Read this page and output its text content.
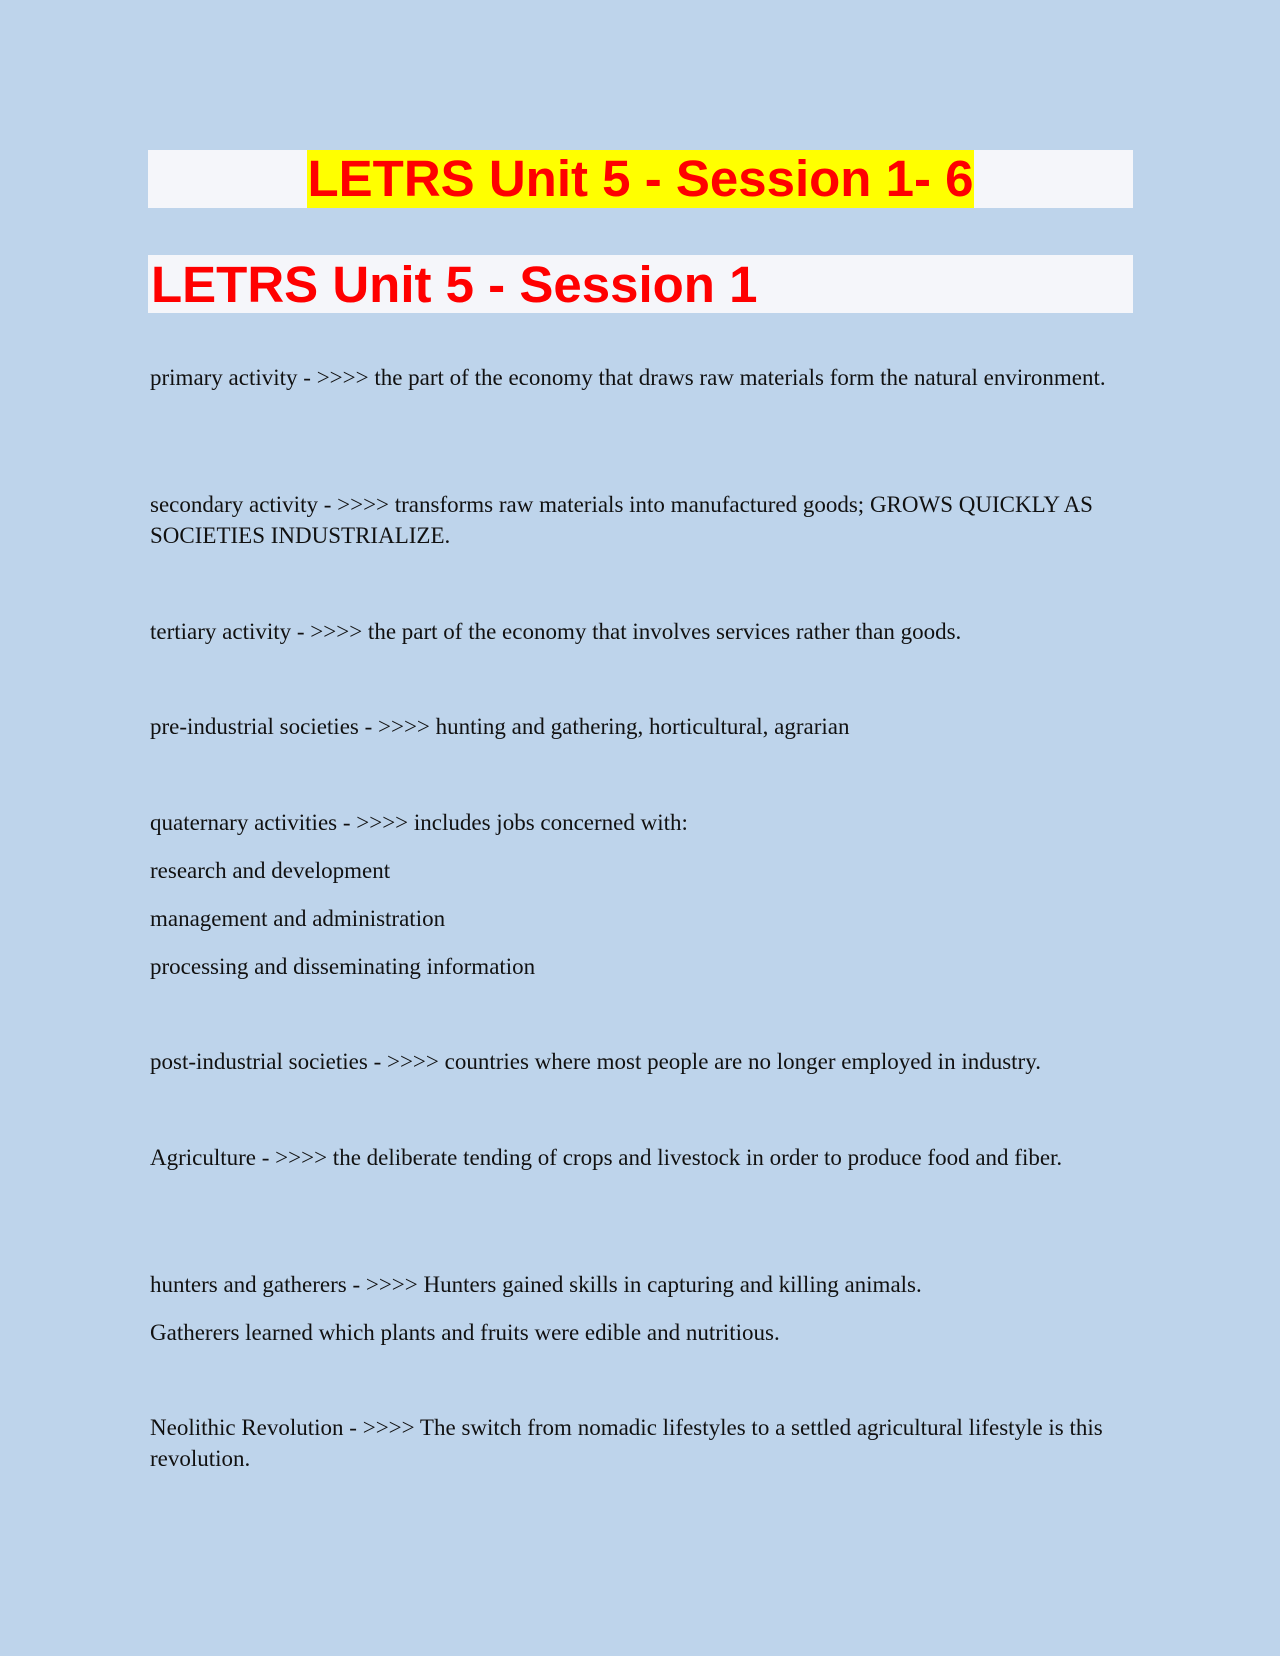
LETRS Unit 5 - Session 1- 6
LETRS Unit 5 - Session 1
primary activity - >>>> the part of the economy that draws raw materials form the natural environment.
secondary activity - >>>> transforms raw materials into manufactured goods; GROWS QUICKLY AS SOCIETIES INDUSTRIALIZE.
tertiary activity - >>>> the part of the economy that involves services rather than goods.
pre-industrial societies - >>>> hunting and gathering, horticultural, agrarian
quaternary activities - >>>> includes jobs concerned with:
research and development
management and administration
processing and disseminating information
post-industrial societies - >>>> countries where most people are no longer employed in industry.
Agriculture - >>>> the deliberate tending of crops and livestock in order to produce food and fiber.
hunters and gatherers - >>>> Hunters gained skills in capturing and killing animals.
Gatherers learned which plants and fruits were edible and nutritious.
Neolithic Revolution - >>>> The switch from nomadic lifestyles to a settled agricultural lifestyle is this revolution.
